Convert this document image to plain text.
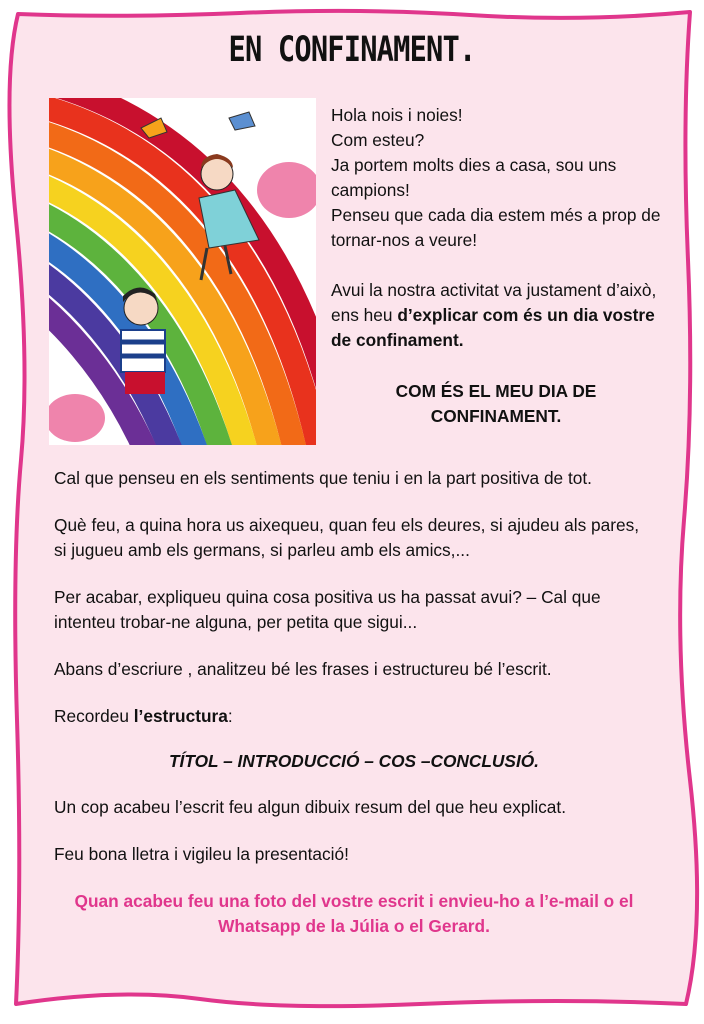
EN CONFINAMENT.

Hola nois i noies!

Com esteu?

Ja portem molts dies a casa, sou uns campions!

Penseu que cada dia estem més a prop de tornar-nos a veure!

Avui la nostra activitat va justament d’això, ens heu d’explicar com és un dia vostre de confinament.

COM ÉS EL MEU DIA DE CONFINAMENT.

Cal que penseu en els sentiments que teniu i en la part positiva de tot.

Què feu, a quina hora us aixequeu, quan feu els deures, si ajudeu als pares, si jugueu amb els germans, si parleu amb els amics,...

Per acabar, expliqueu quina cosa positiva us ha passat avui? – Cal que intenteu trobar-ne alguna, per petita que sigui...

Abans d’escriure , analitzeu bé les frases i estructureu bé l’escrit.

Recordeu l’estructura:

TÍTOL – INTRODUCCIÓ – COS –CONCLUSIÓ.

Un cop acabeu l’escrit feu algun dibuix resum del que heu explicat.

Feu bona lletra i vigileu la presentació!

Quan acabeu feu una foto del vostre escrit i envieu-ho a l’e-mail o el Whatsapp de la Júlia o el Gerard.
